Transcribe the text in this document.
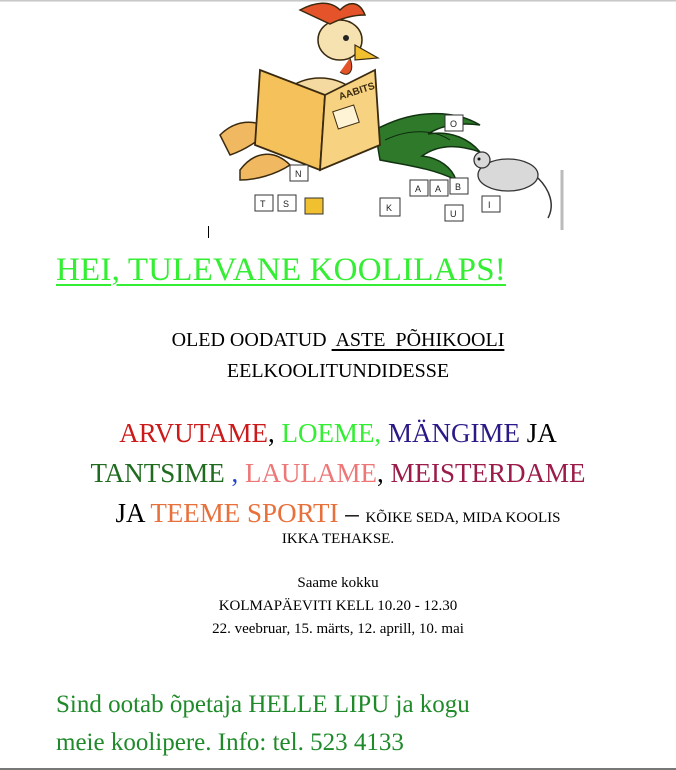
AABITS
N
T S	K
A A B
U
I
O
HEI, TULEVANE KOOLILAPS!
OLED OODATUD  ASTE  PÕHIKOOLI
EELKOOLITUNDIDESSE
ARVUTAME, LOEME, MÄNGIME JA
TANTSIME , LAULAME, MEISTERDAME
JA TEEME SPORTI – KÕIKE SEDA, MIDA KOOLIS
IKKA TEHAKSE.
Saame kokku
KOLMAPÄEVITI KELL 10.20 - 12.30
22. veebruar, 15. märts, 12. aprill, 10. mai
Sind ootab õpetaja HELLE LIPU ja kogu
meie koolipere. Info: tel. 523 4133
